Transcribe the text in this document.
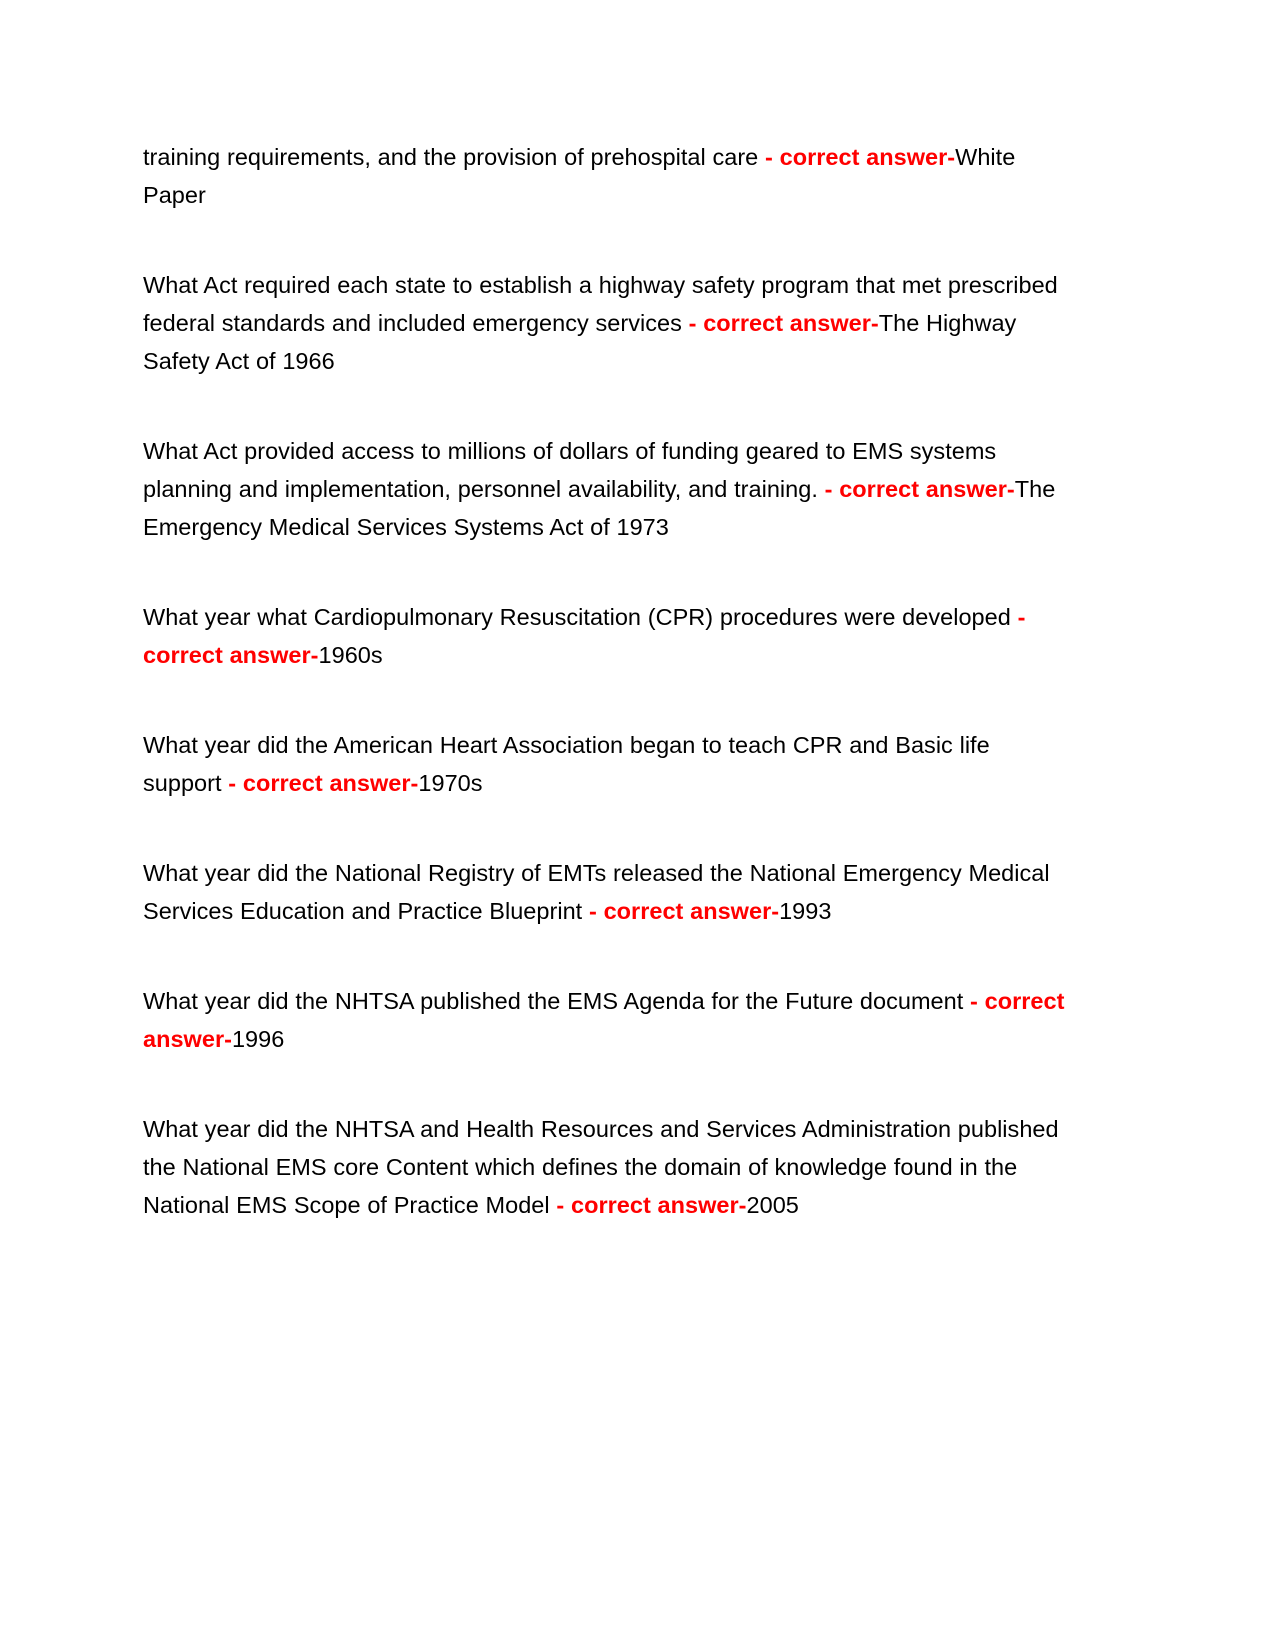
training requirements, and the provision of prehospital care - correct answer-White Paper

What Act required each state to establish a highway safety program that met prescribed federal standards and included emergency services - correct answer-The Highway Safety Act of 1966

What Act provided access to millions of dollars of funding geared to EMS systems planning and implementation, personnel availability, and training. - correct answer-The Emergency Medical Services Systems Act of 1973

What year what Cardiopulmonary Resuscitation (CPR) procedures were developed - correct answer-1960s

What year did the American Heart Association began to teach CPR and Basic life support - correct answer-1970s

What year did the National Registry of EMTs released the National Emergency Medical Services Education and Practice Blueprint - correct answer-1993

What year did the NHTSA published the EMS Agenda for the Future document - correct answer-1996

What year did the NHTSA and Health Resources and Services Administration published the National EMS core Content which defines the domain of knowledge found in the National EMS Scope of Practice Model - correct answer-2005
